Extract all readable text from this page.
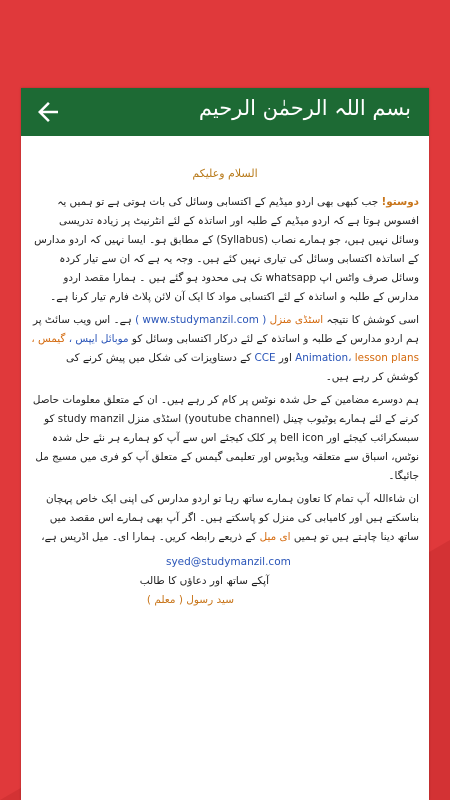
بسم اللہ الرحمٰن الرحیم
السلام وعلیکم

دوستو! جب کبھی بھی اردو میڈیم کے اکتسابی وسائل کی بات ہوتی ہے تو ہمیں یہ افسوس ہوتا ہے کہ اردو میڈیم کے طلبہ اور اساتذہ کے لئے انٹرنیٹ پر زیادہ تدریسی وسائل نہیں ہیں، جو ہمارے نصاب (Syllabus) کے مطابق ہو۔ ایسا نہیں کہ اردو مدارس کے اساتذہ اکتسابی وسائل کی تیاری نہیں کئے ہیں۔ وجہ یہ ہے کہ ان سے تیار کردہ وسائل صرف واٹس اپ whatsapp تک ہی محدود ہو گئے ہیں ۔ ہمارا مقصد اردو مدارس کے طلبہ و اساتذہ کے لئے اکتسابی مواد کا ایک آن لائن پلاٹ فارم تیار کرنا ہے۔

اسی کوشش کا نتیجہ اسٹڈی منزل ( www.studymanzil.com ) ہے۔ اس ویب سائٹ پر ہم اردو مدارس کے طلبہ و اساتذہ کے لئے درکار اکتسابی وسائل کو موبائل ایپس ، گیمس ، Animation، lesson plans اور CCE کے دستاویزات کی شکل میں پیش کرنے کی کوشش کر رہے ہیں۔

ہم دوسرے مضامین کے حل شدہ نوٹس پر کام کر رہے ہیں۔ ان کے متعلق معلومات حاصل کرنے کے لئے ہمارے یوٹیوب چینل (youtube channel) اسٹڈی منزل study manzil کو سبسکرائب کیجئے اور bell icon پر کلک کیجئے اس سے آپ کو ہمارے ہر نئے حل شدہ نوٹس، اسباق سے متعلقہ ویڈیوس اور تعلیمی گیمس کے متعلق آپ کو فری میں مسیج مل جائیگا۔

ان شاءاللہ آپ تمام کا تعاون ہمارے ساتھ رہا تو اردو مدارس کی اپنی ایک خاص پہچان بناسکتے ہیں اور کامیابی کی منزل کو پاسکتے ہیں۔ اگر آپ بھی ہمارے اس مقصد میں ساتھ دینا چاہتے ہیں تو ہمیں ای میل کے ذریعے رابطہ کریں۔ ہمارا ای۔ میل اڈریس ہے،

syed@studymanzil.com
آپکے ساتھ اور دعاؤں کا طالب
سید رسول ( معلم )
